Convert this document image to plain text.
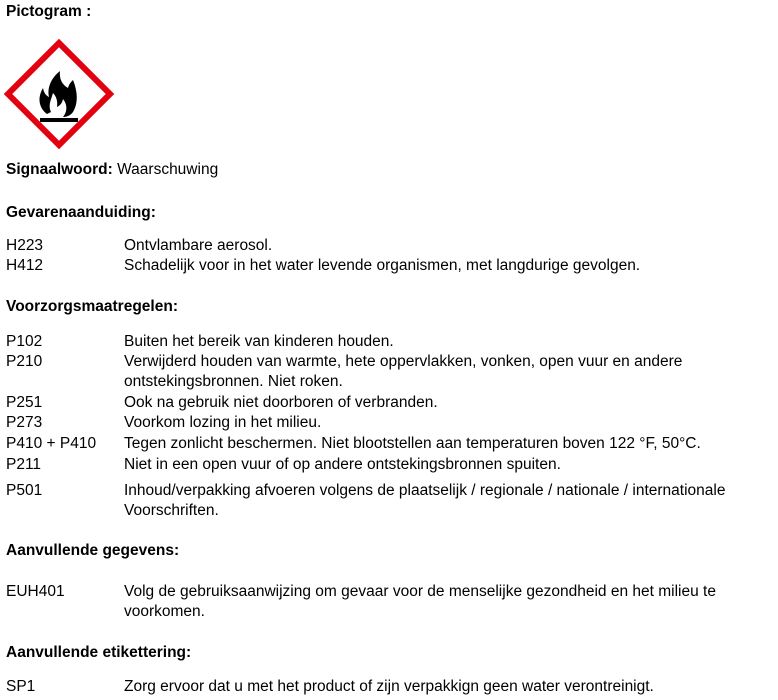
Pictogram :
Signaalwoord: Waarschuwing
Gevarenaanduiding:
H223	Ontvlambare aerosol.
H412	Schadelijk voor in het water levende organismen, met langdurige gevolgen.
Voorzorgsmaatregelen:
P102	Buiten het bereik van kinderen houden.
P210	Verwijderd houden van warmte, hete oppervlakken, vonken, open vuur en andere ontstekingsbronnen. Niet roken.
P251	Ook na gebruik niet doorboren of verbranden.
P273	Voorkom lozing in het milieu.
P410 + P410	Tegen zonlicht beschermen. Niet blootstellen aan temperaturen boven 122 °F, 50°C.
P211	Niet in een open vuur of op andere ontstekingsbronnen spuiten.
P501	Inhoud/verpakking afvoeren volgens de plaatselijk / regionale / nationale / internationale Voorschriften.
Aanvullende gegevens:
EUH401	Volg de gebruiksaanwijzing om gevaar voor de menselijke gezondheid en het milieu te voorkomen.
Aanvullende etikettering:
SP1	Zorg ervoor dat u met het product of zijn verpakkign geen water verontreinigt.
